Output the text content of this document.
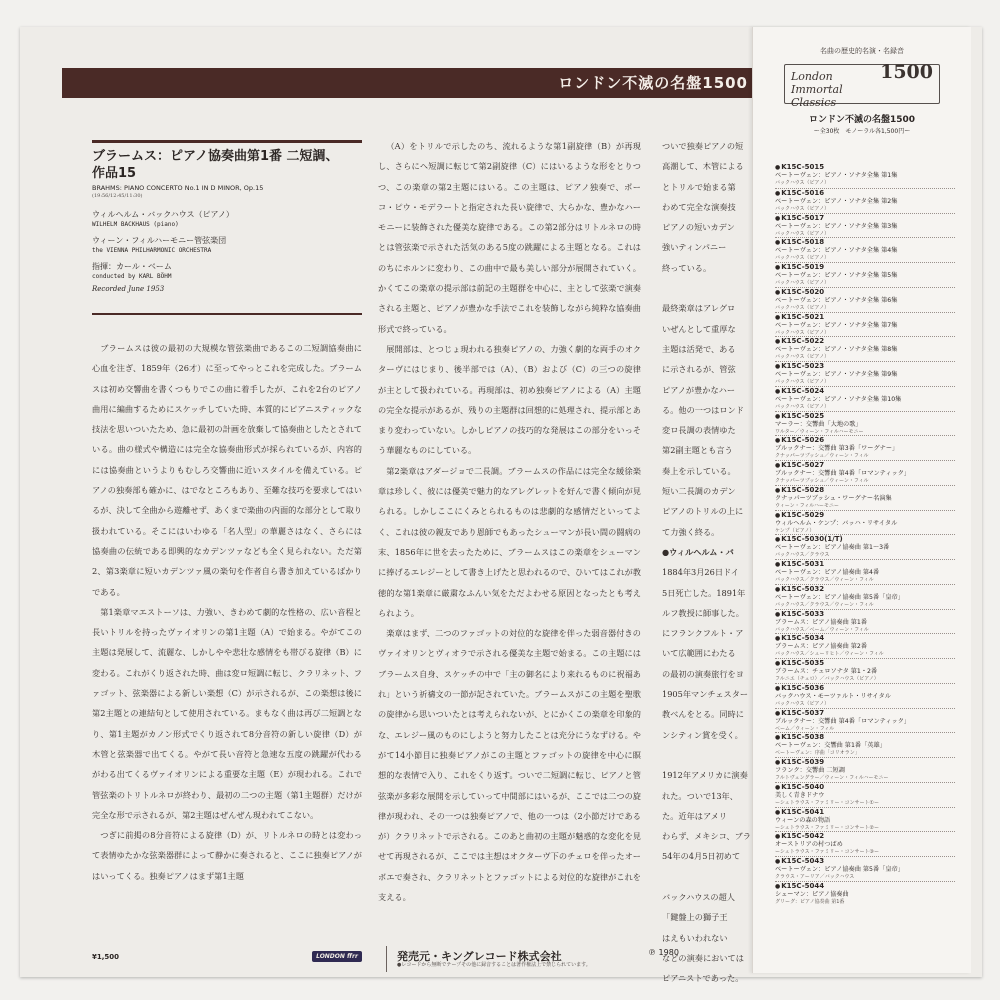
ロンドン不滅の名盤1500
ブラームス：ピアノ協奏曲第1番 二短調、
作品15
BRAHMS: PIANO CONCERTO No.1 IN D MINOR, Op.15
(19:56/12:45/11:30)
ウィルヘルム・バックハウス（ピアノ）
WILHELM BACKHAUS (piano)
ウィーン・フィルハーモニー管弦楽団
the VIENNA PHILHARMONIC ORCHESTRA
指揮：カール・ベーム
conducted by KARL BÖHM
Recorded June 1953

ブラームスは彼の最初の大規模な管弦楽曲であるこの二短調協奏曲に心血を注ぎ、1859年（26才）に至ってやっとこれを完成した。ブラームスは初め交響曲を書くつもりでこの曲に着手したが、これを2台のピアノ曲用に編曲するためにスケッチしていた時、本質的にピアニスティックな技法を思いついたため、急に最初の計画を放棄して協奏曲としたとされている。曲の様式や構造には完全な協奏曲形式が採られているが、内容的には協奏曲というよりもむしろ交響曲に近いスタイルを備えている。ピアノの独奏部も確かに、はでなところもあり、至難な技巧を要求してはいるが、決して全曲から遊離せず、あくまで楽曲の内面的な部分として取り扱われている。そこにはいわゆる「名人型」の華麗さはなく、さらには協奏曲の伝統である即興的なカデンツァなども全く見られない。ただ第2、第3楽章に短いカデンツァ風の楽句を作者自ら書き加えているばかりである。

第1楽章マエストーソは、力強い、きわめて劇的な性格の、広い音程と長いトリルを持ったヴァイオリンの第1主題（A）で始まる。やがてこの主題は発展して、流麗な、しかしやや悲壮な感情をも帯びる旋律（B）に変わる。これがくり返された時、曲は変ロ短調に転じ、クラリネット、ファゴット、弦楽器による新しい楽想（C）が示されるが、この楽想は後に第2主題との連結句として使用されている。まもなく曲は再び二短調となり、第1主題がカノン形式でくり返されて8分音符の新しい旋律（D）が木管と弦楽器で出てくる。やがて長い音符と急速な五度の跳躍が代わるがわる出てくるヴァイオリンによる重要な主題（E）が現われる。これで管弦楽のトリトルネロが終わり、最初の二つの主題（第1主題群）だけが完全な形で示されるが、第2主題はぜんぜん現われてこない。

つぎに前掲の8分音符による旋律（D）が、リトルネロの時とは変わって表情ゆたかな弦楽器群によって静かに奏されると、ここに独奏ピアノがはいってくる。独奏ピアノはまず第1主題

（A）をトリルで示したのち、流れるような第1副旋律（B）が再現し、さらにヘ短調に転じて第2副旋律（C）にはいるような形をとりつつ、この楽章の第2主題にはいる。この主題は、ピアノ独奏で、ポーコ・ピウ・モデラートと指定された長い旋律で、大らかな、豊かなハーモニーに装飾された優美な旋律である。この第2部分はリトルネロの時とは管弦楽で示された活気のある5度の跳躍による主題となる。これはのちにホルンに変わり、この曲中で最も美しい部分が展開されていく。かくてこの楽章の提示部は前記の主題群を中心に、主として弦楽で演奏される主題と、ピアノが豊かな手法でこれを装飾しながら純粋な協奏曲形式で終っている。

展開部は、とつじょ現われる独奏ピアノの、力強く劇的な両手のオクターヴにはじまり、後半部では（A）、（B）および（C）の三つの旋律が主として扱われている。再現部は、初め独奏ピアノによる（A）主題の完全な提示があるが、残りの主題群は回想的に処理され、提示部とあまり変わっていない。しかしピアノの技巧的な発展はこの部分をいっそう華麗なものにしている。

第2楽章はアダージョで二長調。ブラームスの作品には完全な緩徐楽章は珍しく、彼には優美で魅力的なアレグレットを好んで書く傾向が見られる。しかしここにくみとられるものは悲劇的な感情だといってよく、これは彼の親友であり恩師でもあったシューマンが長い間の闘病の末、1856年に世を去ったために、ブラームスはこの楽章をシューマンに捧げるエレジーとして書き上げたと思われるので、ひいてはこれが教徳的な第1楽章に厳粛なふんい気をただよわせる原因となったとも考えられよう。

楽章はまず、二つのファゴットの対位的な旋律を伴った弱音器付きのヴァイオリンとヴィオラで示される優美な主題で始まる。この主題にはブラームス自身、スケッチの中で「主の御名により来れるものに祝福あれ」という祈禱文の一節が記されていた。ブラームスがこの主題を聖歌の旋律から思いついたとは考えられないが、とにかくこの楽章を印象的な、エレジー風のものにしようと努力したことは充分にうなずける。やがて14小節目に独奏ピアノがこの主題とファゴットの旋律を中心に瞑想的な表情で入り、これをくり返す。ついで二短調に転じ、ピアノと管弦楽が多彩な展開を示していって中間部にはいるが、ここでは二つの旋律が現われ、その一つは独奏ピアノで、他の一つは（2小節だけであるが）クラリネットで示される。このあと曲初の主題が魅惑的な変化を見せて再現されるが、ここでは主想はオクターヴ下のチェロを伴ったオーボエで奏され、クラリネットとファゴットによる対位的な旋律がこれを支える。

ついで独奏ピアノの短
高潮して、木管による
とトリルで始まる第
わめて完全な演奏技
ピアノの短いカデン
強いティンパニー
終っている。
最終楽章はアレグロ
いぜんとして重厚な
主題は活発で、ある
に示されるが、管弦
ピアノが豊かなハー
る。他の一つはロンド
変ロ長調の表情ゆた
第2副主題とも言う
奏上を示している。
短い二長調のカデン
ピアノのトリルの上に
て力強く終る。
●ウィルヘルム・バ
1884年3月26日ドイ
5日死亡した。1891年
ルフ教授に師事した。
にフランクフルト・ア
いて広範囲にわたる
の最初の演奏旅行をヨ
1905年マンチェスター
教べんをとる。同時に
ンシティン賞を受く。
1912年アメリカに演奏
れた。ついで13年、
た。近年はアメリ
わらず、メキシコ、ブラ
54年の4月5日初めて
バックハウスの超人
「鍵盤上の獅子王
はえもいわれない
などの演奏においては
ピアニストであった。
¥1,500	LONDON ffrr	発売元・キングレコード株式会社
●レコードから無断でテープその他に録音することは著作権法上で禁じられています。
℗ 1980
名曲の歴史的名演・名録音
1500
London Immortal
Classics
ロンドン不滅の名盤1500
ー全30枚　モノーラル各1,500円ー
● K15C-5015
ベートーヴェン：ピアノ・ソナタ全集 第1集
バックハウス（ピアノ）
● K15C-5016
ベートーヴェン：ピアノ・ソナタ全集 第2集
バックハウス（ピアノ）
● K15C-5017
ベートーヴェン：ピアノ・ソナタ全集 第3集
バックハウス（ピアノ）
● K15C-5018
ベートーヴェン：ピアノ・ソナタ全集 第4集
バックハウス（ピアノ）
● K15C-5019
ベートーヴェン：ピアノ・ソナタ全集 第5集
バックハウス（ピアノ）
● K15C-5020
ベートーヴェン：ピアノ・ソナタ全集 第6集
バックハウス（ピアノ）
● K15C-5021
ベートーヴェン：ピアノ・ソナタ全集 第7集
バックハウス（ピアノ）
● K15C-5022
ベートーヴェン：ピアノ・ソナタ全集 第8集
バックハウス（ピアノ）
● K15C-5023
ベートーヴェン：ピアノ・ソナタ全集 第9集
バックハウス（ピアノ）
● K15C-5024
ベートーヴェン：ピアノ・ソナタ全集 第10集
バックハウス（ピアノ）
● K15C-5025
マーラー：交響曲「大地の歌」
ワルター／ウィーン・フィルハーモニー
● K15C-5026
ブルックナー：交響曲 第3番「ワーグナー」
クナッパーツブッシュ／ウィーン・フィル
● K15C-5027
ブルックナー：交響曲 第4番「ロマンティック」
クナッパーツブッシュ／ウィーン・フィル
● K15C-5028
クナッパーツブッシュ・ワーグナー名演集
ウィーン・フィルハーモニー
● K15C-5029
ウィルヘルム・ケンプ：バッハ・リサイタル
ケンプ（ピアノ）
● K15C-5030(1/T)
ベートーヴェン：ピアノ協奏曲 第1～3番
バックハウス／クラウス
● K15C-5031
ベートーヴェン：ピアノ協奏曲 第4番
バックハウス／クラウス／ウィーン・フィル
● K15C-5032
ベートーヴェン：ピアノ協奏曲 第5番「皇帝」
バックハウス／クラウス／ウィーン・フィル
● K15C-5033
ブラームス：ピアノ協奏曲 第1番
バックハウス／ベーム／ウィーン・フィル
● K15C-5034
ブラームス：ピアノ協奏曲 第2番
バックハウス／シューリヒト／ウィーン・フィル
● K15C-5035
ブラームス：チェロソナタ 第1・2番
フルニエ（チェロ）／バックハウス（ピアノ）
● K15C-5036
バックハウス・モーツァルト・リサイタル
バックハウス（ピアノ）
● K15C-5037
ブルックナー：交響曲 第4番「ロマンティック」
ベーム／ウィーン・フィル
● K15C-5038
ベートーヴェン：交響曲 第1番「英雄」
ベートーヴェン：序曲「コリオラン」
● K15C-5039
フランク：交響曲 二短調
フルトヴェングラー／ウィーン・フィルハーモニー
● K15C-5040
美しく青きドナウ
ーシュトラウス・ファミリー・コンサート①ー
● K15C-5041
ウィーンの森の物語
ーシュトラウス・ファミリー・コンサート②ー
● K15C-5042
オーストリアの村つばめ
ーシュトラウス・ファミリー・コンサート③ー
● K15C-5043
ベートーヴェン：ピアノ協奏曲 第5番「皇帝」
クラウス・アーリア／バックハウス
● K15C-5044
シューマン：ピアノ協奏曲
グリーグ：ピアノ協奏曲 第1番
